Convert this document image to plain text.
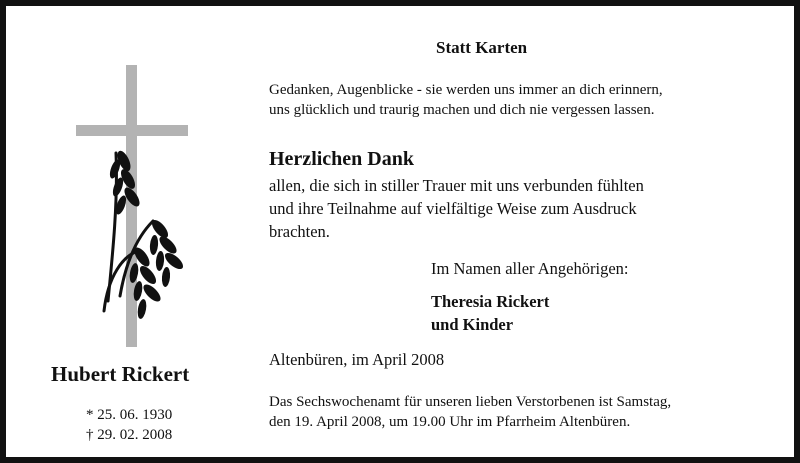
Statt Karten
Gedanken, Augenblicke - sie werden uns immer an dich erinnern,
uns glücklich und traurig machen und dich nie vergessen lassen.
Herzlichen Dank
allen, die sich in stiller Trauer mit uns verbunden fühlten
und ihre Teilnahme auf vielfältige Weise zum Ausdruck
brachten.
Im Namen aller Angehörigen:
Theresia Rickert
und Kinder
Altenbüren, im April 2008
Das Sechswochenamt für unseren lieben Verstorbenen ist Samstag,
den 19. April 2008, um 19.00 Uhr im Pfarrheim Altenbüren.
Hubert Rickert
* 25. 06. 1930
† 29. 02. 2008
